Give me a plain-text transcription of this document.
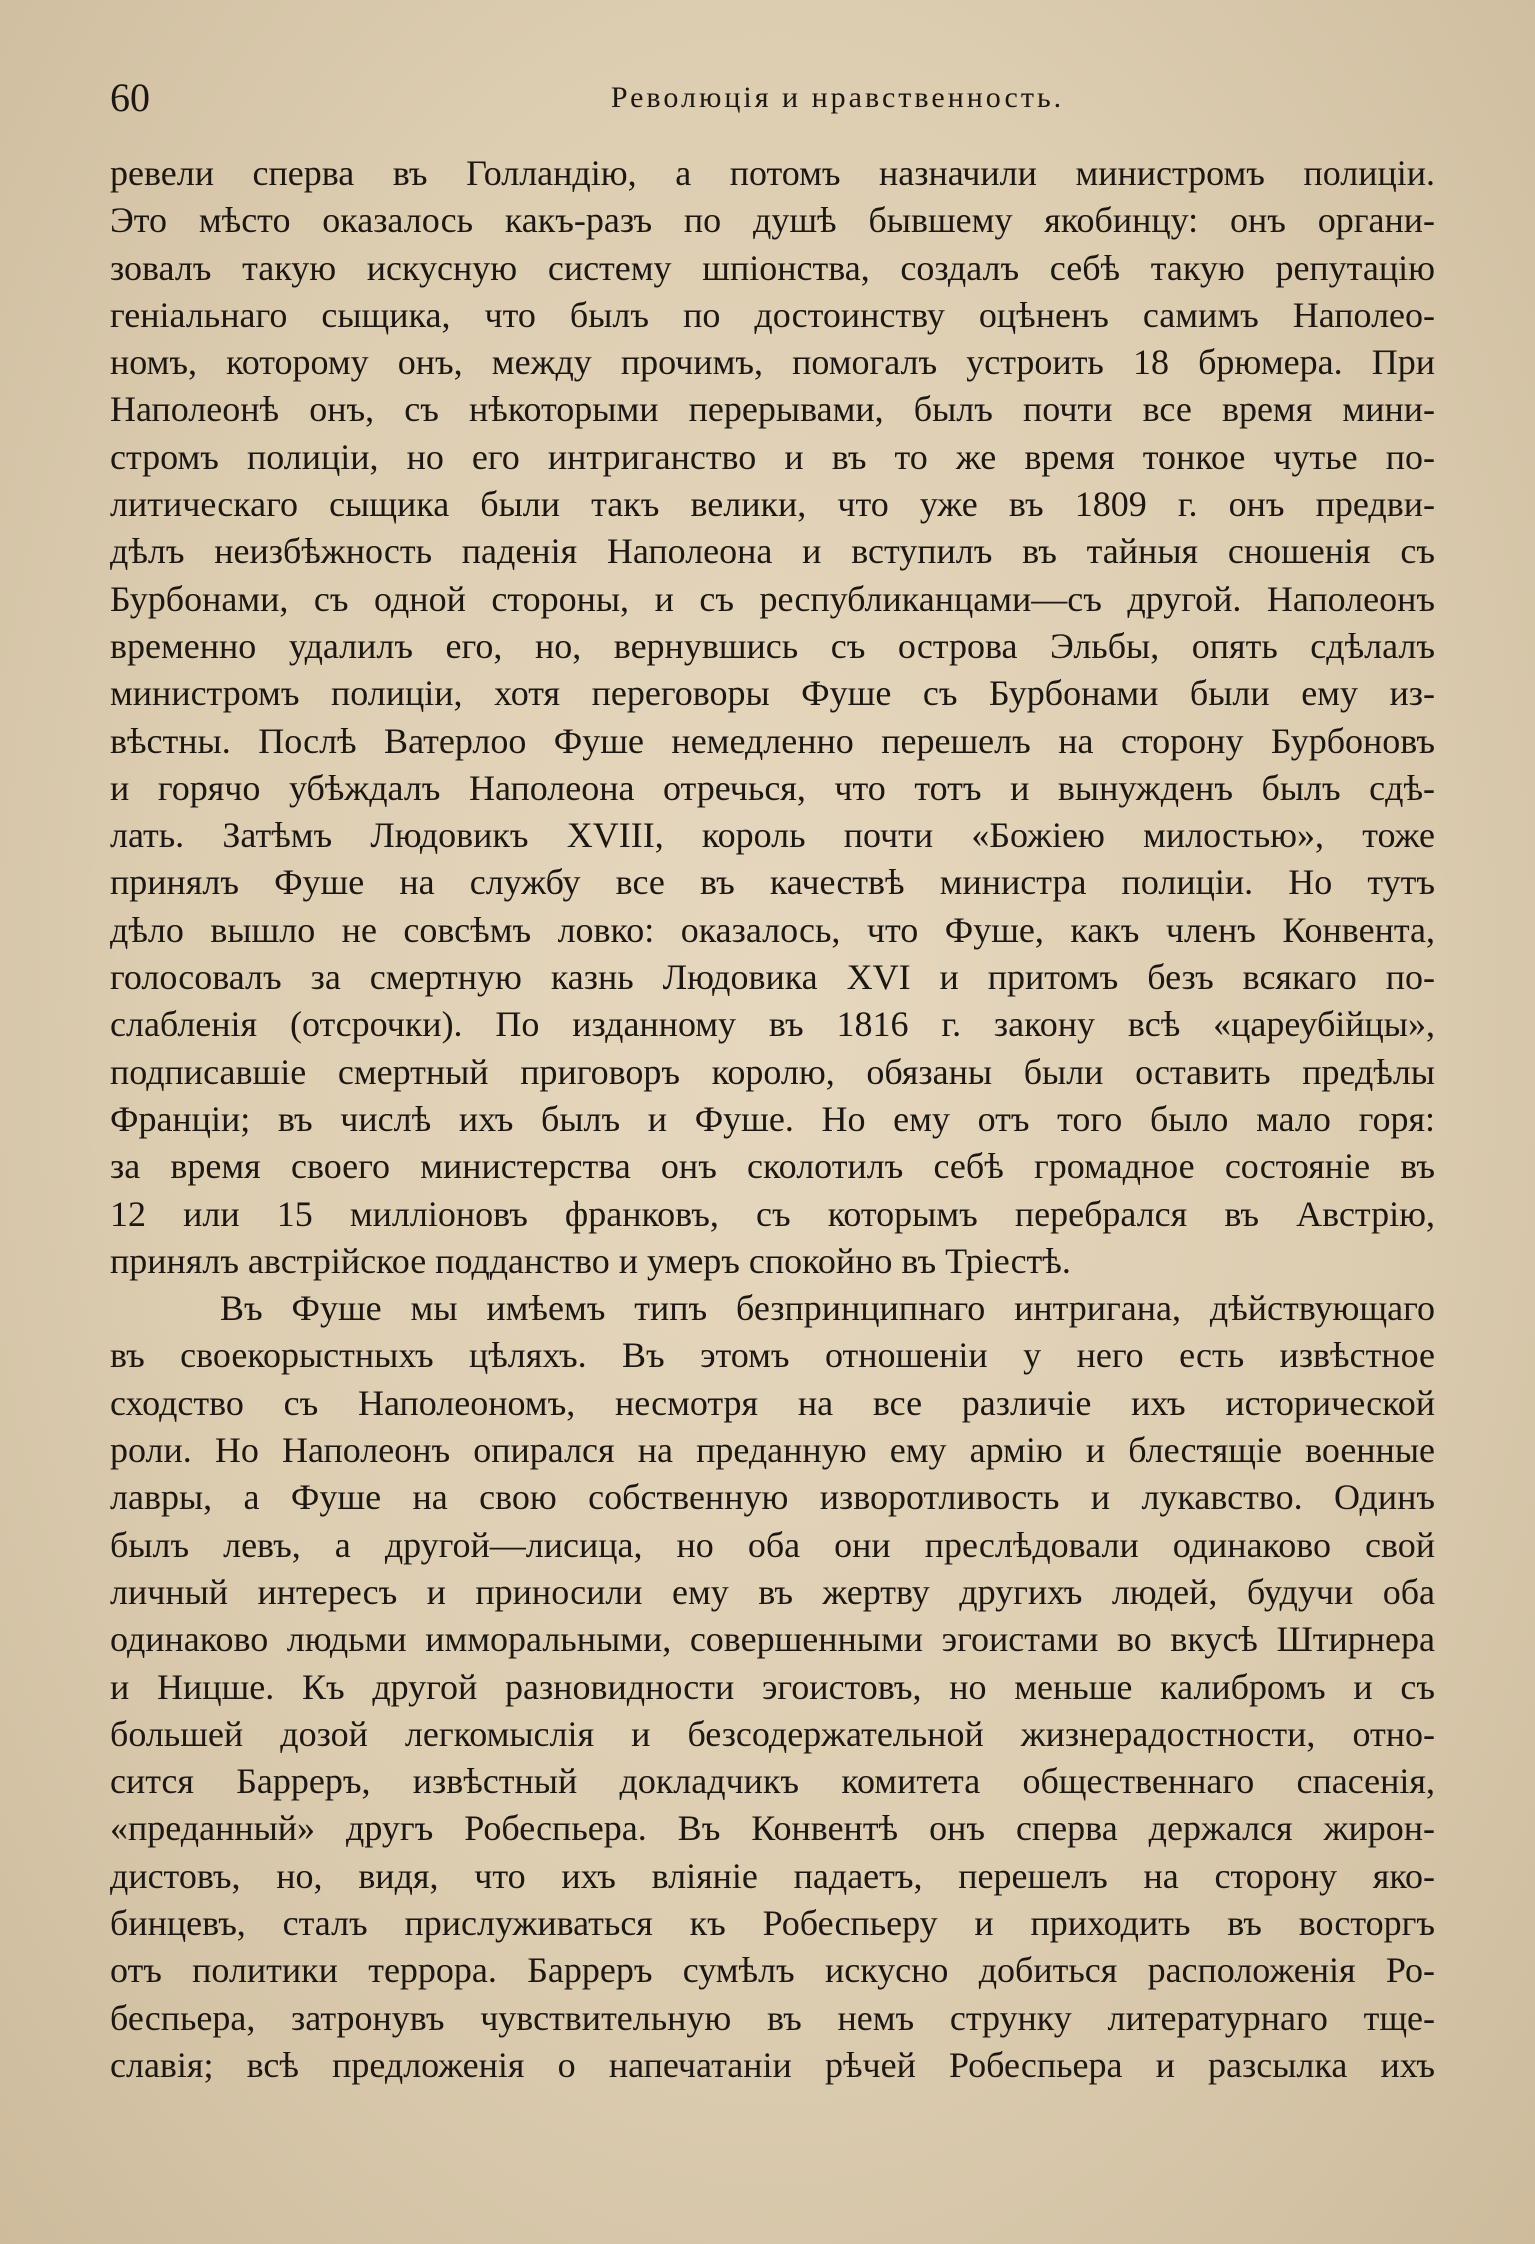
60	Революція и нравственность.
ревели сперва въ Голландію, а потомъ назначили министромъ полиціи.
Это мѣсто оказалось какъ-разъ по душѣ бывшему якобинцу: онъ органи-
зовалъ такую искусную систему шпіонства, создалъ себѣ такую репутацію
геніальнаго сыщика, что былъ по достоинству оцѣненъ самимъ Наполео-
номъ, которому онъ, между прочимъ, помогалъ устроить 18 брюмера. При
Наполеонѣ онъ, съ нѣкоторыми перерывами, былъ почти все время мини-
стромъ полиціи, но его интриганство и въ то же время тонкое чутье по-
литическаго сыщика были такъ велики, что уже въ 1809 г. онъ предви-
дѣлъ неизбѣжность паденія Наполеона и вступилъ въ тайныя сношенія съ
Бурбонами, съ одной стороны, и съ республиканцами—съ другой. Наполеонъ
временно удалилъ его, но, вернувшись съ острова Эльбы, опять сдѣлалъ
министромъ полиціи, хотя переговоры Фуше съ Бурбонами были ему из-
вѣстны. Послѣ Ватерлоо Фуше немедленно перешелъ на сторону Бурбоновъ
и горячо убѣждалъ Наполеона отречься, что тотъ и вынужденъ былъ сдѣ-
лать. Затѣмъ Людовикъ XVIII, король почти «Божіею милостью», тоже
принялъ Фуше на службу все въ качествѣ министра полиціи. Но тутъ
дѣло вышло не совсѣмъ ловко: оказалось, что Фуше, какъ членъ Конвента,
голосовалъ за смертную казнь Людовика XVI и притомъ безъ всякаго по-
слабленія (отсрочки). По изданному въ 1816 г. закону всѣ «цареубійцы»,
подписавшіе смертный приговоръ королю, обязаны были оставить предѣлы
Франціи; въ числѣ ихъ былъ и Фуше. Но ему отъ того было мало горя:
за время своего министерства онъ сколотилъ себѣ громадное состояніе въ
12 или 15 милліоновъ франковъ, съ которымъ перебрался въ Австрію,
принялъ австрійское подданство и умеръ спокойно въ Тріестѣ.
Въ Фуше мы имѣемъ типъ безпринципнаго интригана, дѣйствующаго
въ своекорыстныхъ цѣляхъ. Въ этомъ отношеніи у него есть извѣстное
сходство съ Наполеономъ, несмотря на все различіе ихъ исторической
роли. Но Наполеонъ опирался на преданную ему армію и блестящіе военные
лавры, а Фуше на свою собственную изворотливость и лукавство. Одинъ
былъ левъ, а другой—лисица, но оба они преслѣдовали одинаково свой
личный интересъ и приносили ему въ жертву другихъ людей, будучи оба
одинаково людьми имморальными, совершенными эгоистами во вкусѣ Штирнера
и Ницше. Къ другой разновидности эгоистовъ, но меньше калибромъ и съ
большей дозой легкомыслія и безсодержательной жизнерадостности, отно-
сится Барреръ, извѣстный докладчикъ комитета общественнаго спасенія,
«преданный» другъ Робеспьера. Въ Конвентѣ онъ сперва держался жирон-
дистовъ, но, видя, что ихъ вліяніе падаетъ, перешелъ на сторону яко-
бинцевъ, сталъ прислуживаться къ Робеспьеру и приходить въ восторгъ
отъ политики террора. Барреръ сумѣлъ искусно добиться расположенія Ро-
беспьера, затронувъ чувствительную въ немъ струнку литературнаго тще-
славія; всѣ предложенія о напечатаніи рѣчей Робеспьера и разсылка ихъ
